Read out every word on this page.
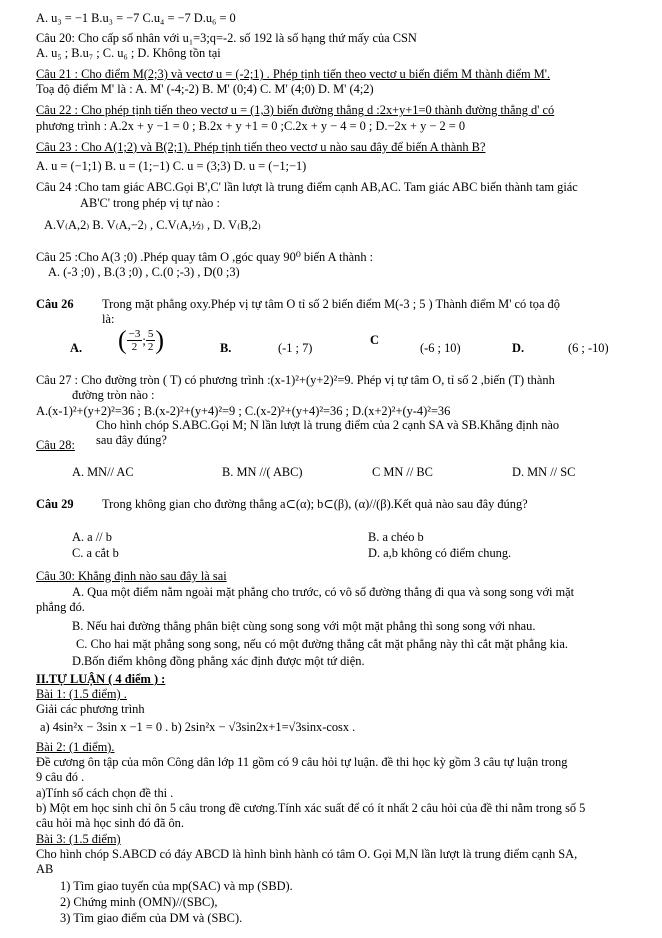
A. u₃ = −1 B.u₃ = −7 C.u₄ = −7 D.u₆ = 0
Câu 20: Cho cấp số nhân với u₁=3;q=-2. số 192 là số hạng thứ mấy của CSN
A. u₅ ; B.u₇ ; C. u₆ ; D. Không tồn tại
Câu 21 : Cho điểm M(2;3) và vectơ u = (-2;1) . Phép tịnh tiến theo vectơ u biến điểm M thành điểm M'.
Toạ độ điểm M' là : A. M' (-4;-2) B. M' (0;4) C. M' (4;0) D. M' (4;2)
Câu 22 : Cho phép tịnh tiến theo vectơ u = (1,3) biến đường thẳng d :2x+y+1=0 thành đường thẳng d' có
phương trình : A.2x + y −1 = 0 ; B.2x + y +1 = 0 ;C.2x + y − 4 = 0 ; D.−2x + y − 2 = 0
Câu 23 : Cho A(1;2) và B(2;1). Phép tịnh tiến theo vectơ u nào sau đây để biến A thành B?
A. u = (−1;1) B. u = (1;−1) C. u = (3;3) D. u = (−1;−1)
Câu 24 :Cho tam giác ABC.Gọi B',C' lần lượt là trung điểm cạnh AB,AC. Tam giác ABC biến thành tam giác
AB'C' trong phép vị tự nào :
A.V₍A,2₎ B. V₍A,−2₎ , C.V₍A,½₎ , D. V₍B,2₎
Câu 25 :Cho A(3 ;0) .Phép quay tâm O ,góc quay 90⁰ biến A thành :
A. (-3 ;0) , B.(3 ;0) , C.(0 ;-3) , D(0 ;3)
Câu 26 Trong mặt phẳng oxy.Phép vị tự tâm O tỉ số 2 biến điểm M(-3 ; 5 ) Thành điểm M' có tọa độ
là:
Câu 27 : Cho đường tròn ( T) có phương trình :(x-1)²+(y+2)²=9. Phép vị tự tâm O, tỉ số 2 ,biến (T) thành
đường tròn nào :
A.(x-1)²+(y+2)²=36 ; B.(x-2)²+(y+4)²=9 ; C.(x-2)²+(y+4)²=36 ; D.(x+2)²+(y-4)²=36
Cho hình chóp S.ABC.Gọi M; N lần lượt là trung điểm của 2 cạnh SA và SB.Khẳng định nào
sau đây đúng?
Câu 28:
Câu 29 Trong không gian cho đường thẳng a⊂(α); b⊂(β), (α)//(β).Kết quả nào sau đây đúng?
A. a // b	B. a chéo b
C. a cắt b	D. a,b không có điểm chung.
Câu 30: Khẳng định nào sau đây là sai
A. Qua một điểm nằm ngoài mặt phẳng cho trước, có vô số đường thẳng đi qua và song song với mặt
phẳng đó.
B. Nếu hai đường thẳng phân biệt cùng song song với một mặt phẳng thì song song với nhau.
C. Cho hai mặt phẳng song song, nếu có một đường thẳng cắt mặt phẳng này thì cắt mặt phẳng kia.
D.Bốn điểm không đồng phẳng xác định được một tứ diện.
II.TỰ LUẬN ( 4 điểm ) :
Bài 1: (1.5 điểm) .
Giải các phương trình
a) 4sin²x − 3sin x −1 = 0 . b) 2sin²x − √3sin2x+1=√3sinx-cosx .
Bài 2: (1 điểm).
Đề cương ôn tập của môn Công dân lớp 11 gồm có 9 câu hỏi tự luận. đề thi học kỳ gồm 3 câu tự luận trong
9 câu đó .
a)Tính số cách chọn đề thi .
b) Một em học sinh chỉ ôn 5 câu trong đề cương.Tính xác suất để có ít nhất 2 câu hỏi của đề thi nằm trong số 5
câu hỏi mà học sinh đó đã ôn.
Bài 3: (1.5 điểm)
Cho hình chóp S.ABCD có đáy ABCD là hình bình hành có tâm O. Gọi M,N lần lượt là trung điểm cạnh SA,
AB
1) Tìm giao tuyến của mp(SAC) và mp (SBD).
2) Chứng minh (OMN)//(SBC),
3) Tìm giao điểm của DM và (SBC).
A. ( $\frac{-3}{2}$ ; $\frac{5}{2}$ )	B.	(-1 ; 7)
C
(-6 ; 10)	D.	(6 ; -10)
A. MN// AC	B. MN //( ABC)	C MN // BC	D. MN // SC
